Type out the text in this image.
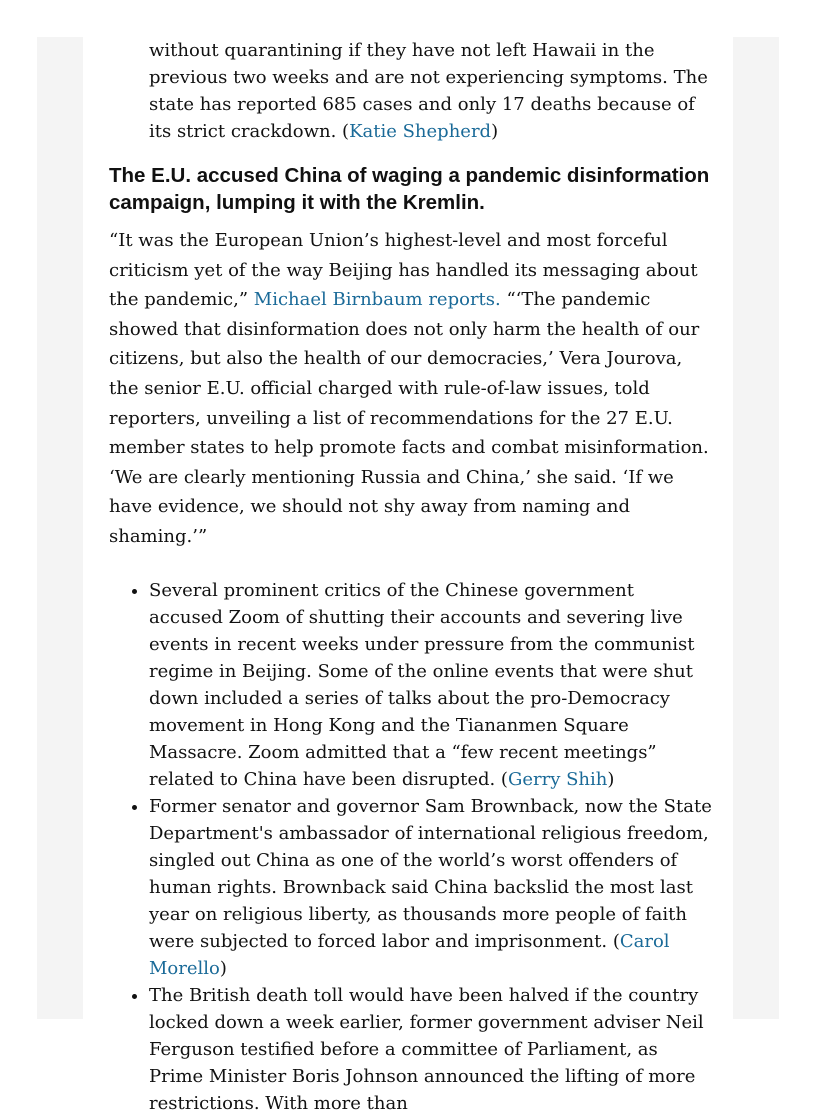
without quarantining if they have not left Hawaii in the previous two weeks and are not experiencing symptoms. The state has reported 685 cases and only 17 deaths because of its strict crackdown. (Katie Shepherd)

The E.U. accused China of waging a pandemic disinformation campaign, lumping it with the Kremlin.

“It was the European Union’s highest-level and most forceful criticism yet of the way Beijing has handled its messaging about the pandemic,” Michael Birnbaum reports. “‘The pandemic showed that disinformation does not only harm the health of our citizens, but also the health of our democracies,’ Vera Jourova, the senior E.U. official charged with rule-of-law issues, told reporters, unveiling a list of recommendations for the 27 E.U. member states to help promote facts and combat misinformation. ‘We are clearly mentioning Russia and China,’ she said. ‘If we have evidence, we should not shy away from naming and shaming.’”

• Several prominent critics of the Chinese government accused Zoom of shutting their accounts and severing live events in recent weeks under pressure from the communist regime in Beijing. Some of the online events that were shut down included a series of talks about the pro-Democracy movement in Hong Kong and the Tiananmen Square Massacre. Zoom admitted that a “few recent meetings” related to China have been disrupted. (Gerry Shih)
• Former senator and governor Sam Brownback, now the State Department's ambassador of international religious freedom, singled out China as one of the world’s worst offenders of human rights. Brownback said China backslid the most last year on religious liberty, as thousands more people of faith were subjected to forced labor and imprisonment. (Carol Morello)
• The British death toll would have been halved if the country locked down a week earlier, former government adviser Neil Ferguson testified before a committee of Parliament, as Prime Minister Boris Johnson announced the lifting of more restrictions. With more than
